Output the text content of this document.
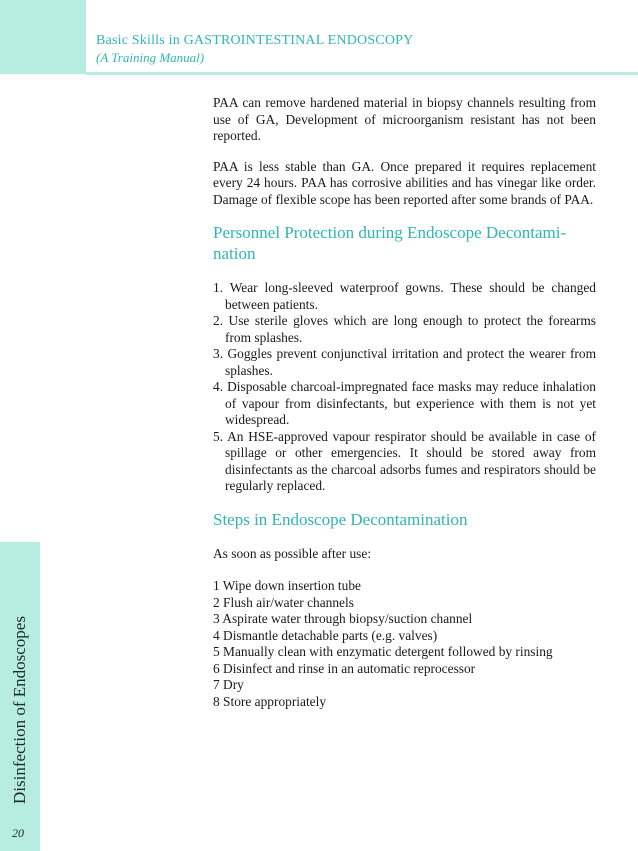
Basic Skills in GASTROINTESTINAL ENDOSCOPY
(A Training Manual)
Disinfection of Endoscopes
20

PAA can remove hardened material in biopsy channels resulting from use of GA, Development of microorganism resistant has not been reported.

PAA is less stable than GA. Once prepared it requires replacement every 24 hours. PAA has corrosive abilities and has vinegar like order. Damage of flexible scope has been reported after some brands of PAA.

Personnel Protection during Endoscope Decontami-nation
1. Wear long-sleeved waterproof gowns. These should be changed between patients.
2. Use sterile gloves which are long enough to protect the forearms from splashes.
3. Goggles prevent conjunctival irritation and protect the wearer from splashes.
4. Disposable charcoal-impregnated face masks may reduce inhalation of vapour from disinfectants, but experience with them is not yet widespread.
5. An HSE-approved vapour respirator should be available in case of spillage or other emergencies. It should be stored away from disinfectants as the charcoal adsorbs fumes and respirators should be regularly replaced.
Steps in Endoscope Decontamination

As soon as possible after use:

1 Wipe down insertion tube
2 Flush air/water channels
3 Aspirate water through biopsy/suction channel
4 Dismantle detachable parts (e.g. valves)
5 Manually clean with enzymatic detergent followed by rinsing
6 Disinfect and rinse in an automatic reprocessor
7 Dry
8 Store appropriately
